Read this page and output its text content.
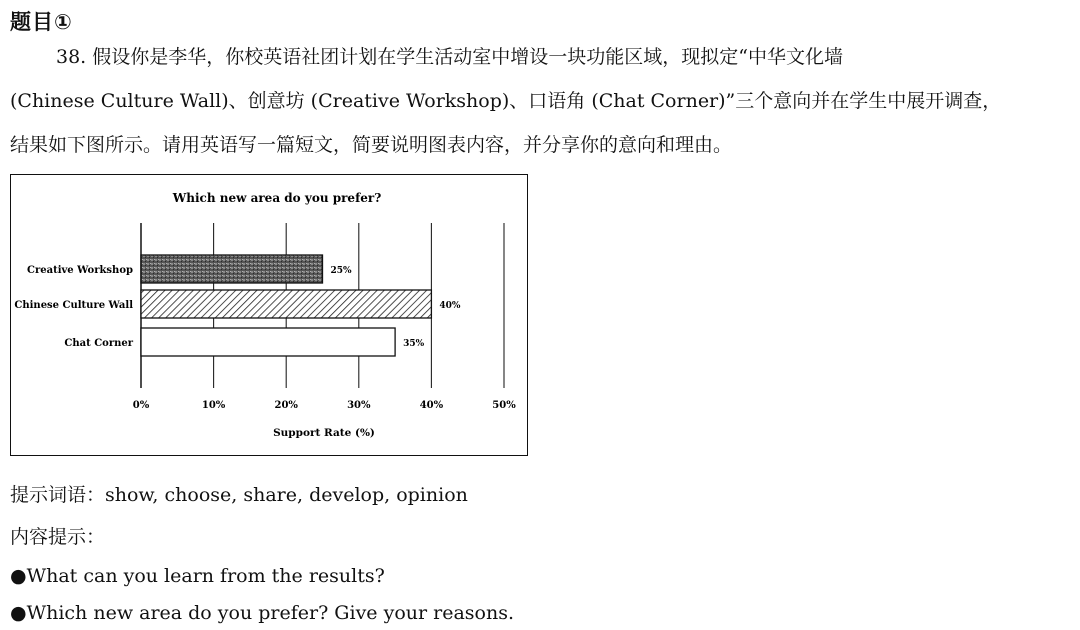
题目①

38. 假设你是李华，你校英语社团计划在学生活动室中增设一块功能区域，现拟定“中华文化墙

(Chinese Culture Wall)、创意坊 (Creative Workshop)、口语角 (Chat Corner)”三个意向并在学生中展开调查，

结果如下图所示。请用英语写一篇短文，简要说明图表内容，并分享你的意向和理由。

Which new area do you prefer?
0%	10%	20%	30%	40%	50%
Creative Workshop	25%
Chinese Culture Wall	40%
Chat Corner	35%
Support Rate (%)

提示词语：show, choose, share, develop, opinion

内容提示：

●What can you learn from the results?

●Which new area do you prefer? Give your reasons.
